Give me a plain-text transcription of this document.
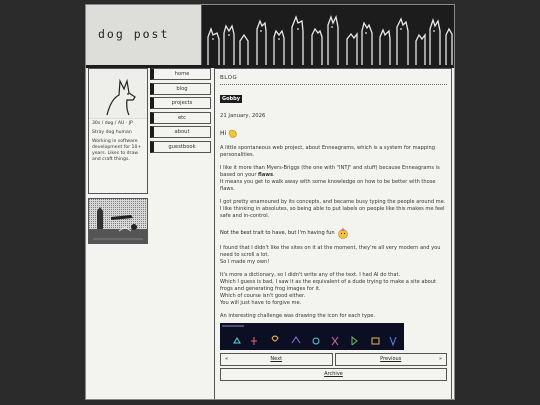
dog post

30s / dog / AU · JP

Stray dog human

Working in software development for 10+ years. Likes to draw and craft things.

home
blog
projects
etc
about
guestbook
BLOG
Gobby
21 January, 2026
Hi

A little spontaneous web project, about Enneagrams, which is a system for mapping personalities.

I like it more than Myers-Briggs (the one with "INTJ" and stuff) because Enneagrams is based on your flaws.
It means you get to walk away with some knowledge on how to be better with those flaws.

I got pretty enamoured by its concepts, and became busy typing the people around me. I like thinking in absolutes, so being able to put labels on people like this makes me feel safe and in-control.

Not the best trait to have, but I'm having fun

I found that I didn't like the sites on it at the moment, they're all very modern and you need to scroll a lot.
So I made my own!

It's more a dictionary, so I didn't write any of the text. I had AI do that.
Which I guess is bad, I saw it as the equivalent of a dude trying to make a site about frogs and generating frog images for it.
Which of course isn't good either.
You will just have to forgive me.

An interesting challenge was drawing the icon for each type.

«	Next	Previous	»
Archive
